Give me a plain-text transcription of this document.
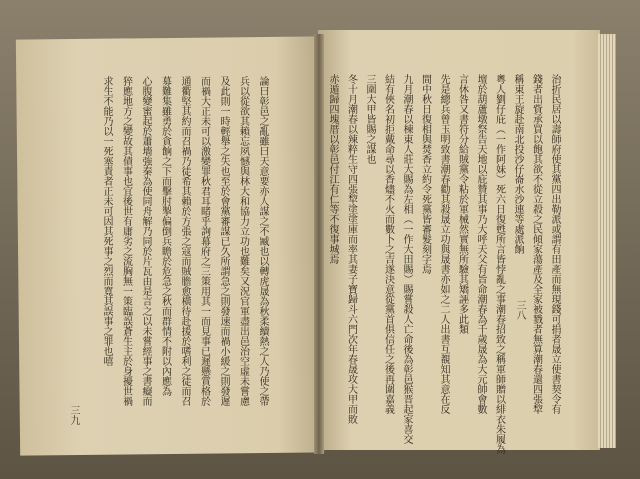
治折民居以壽師府使其黨四出勒派或謂有田產而無現錢可捐者晟立使書契令有
錢者出貲承買以飽其欲不從立殺之民傾家蕩產及全家被戮者無算潮春還四張犂
稱東王旋赴南北投沙仔崙水沙連等處派餉
粵人劉仔庇（一作阿妹）死六日復甦所言皆悖亂之事潮春招致之稱軍師贈以緋衣朱履為
壇於葫蘆墩祭告天地以庇贊其事乃大呼天父有旨命潮春為千歲晟為大元帥會數
言休咎又書符分給賊黨令粘於軍械然實無所驗其矯誣多此類
先是總兵曾玉明致書潮春勸其殺晟立功與晟書亦如之二人出書互覩知其意在反
間中秋日復相與焚香立約令死黨皆審髮刻字焉
九月潮春以棟東人莊大賜為左相（一作大田賜）賜嘗殺人亡命後為彰邑猴晋起家喜交
結有俠名初拒戴命尋以香燼不火而數卜之吉遂決意從黨首俱信任之後再圍嘉義
三圍大甲皆賜之謀也
冬十月潮春以辣粹生守四張犂塗塗庫而率其妻子寶歸斗六門次年春晟攻大甲而敗
赤遁歸四塊厝以彰邑付江有仁等不復事城焉
三八
論曰彰邑之亂雖曰天意要亦人謀之不臧也以轉虎晟為秋柔續熱之人乃使之帶
兵以從欲其賴忘夙憾與林大和協力立功也難矣又況官軍盡出邑治空虛未嘗慮
及此則一時輕舉之失也至於會黨審謀已久所謂急之則發速而禍小緩之則發遲
而禍大正未可以激變罪秋君耳睹乎詢幕府之三策用其一而見事已遲懸賞格於
通衢堅其約而召禍乃徒希其賴於方張之寇而賊膽愈橫待赴援於嗜利之徒而召
募難集雖勇於貪餉之下而擊肘掣偏倒兵瞻於危急之秋而群情不附以內應為
心腹變蜜起於蕭墻強秦為使同舟解乃同於片瓦由是言之以未嘗經事之書癡而
猝應地方之變故其債事也宜後世有庸劣之流胸無一策臨誤蒼生主於身擾世禍
求生不能乃以一死塞責者正未可因其死事之烈而寬其誤事之罪也嘻
三九
